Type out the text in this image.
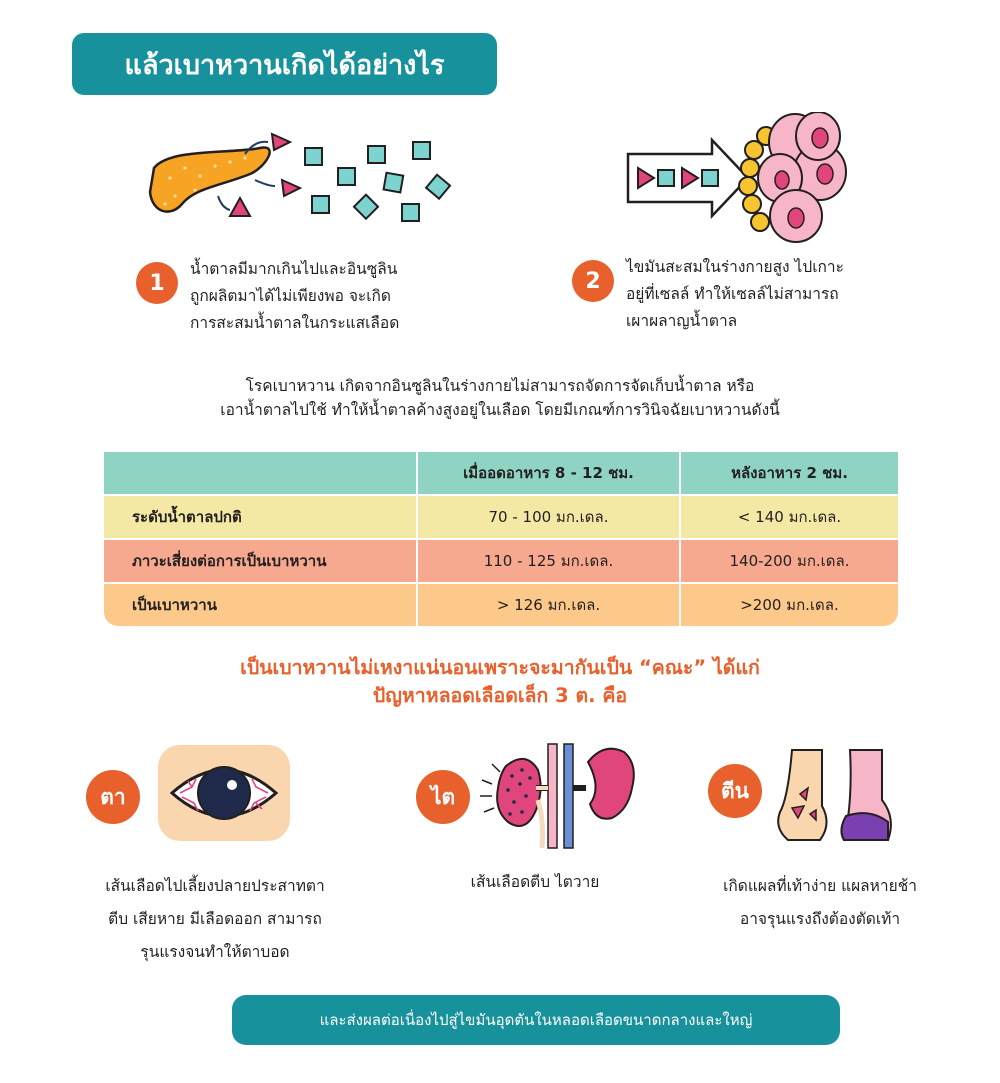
แล้วเบาหวานเกิดได้อย่างไร
1
น้ำตาลมีมากเกินไปและอินซูลิน
ถูกผลิตมาได้ไม่เพียงพอ จะเกิด
การสะสมน้ำตาลในกระแสเลือด
2
ไขมันสะสมในร่างกายสูง ไปเกาะ
อยู่ที่เซลล์ ทำให้เซลล์ไม่สามารถ
เผาผลาญน้ำตาล
โรคเบาหวาน เกิดจากอินซูลินในร่างกายไม่สามารถจัดการจัดเก็บน้ำตาล หรือ
เอาน้ำตาลไปใช้ ทำให้น้ำตาลค้างสูงอยู่ในเลือด โดยมีเกณฑ์การวินิจฉัยเบาหวานดังนี้
	เมื่ออดอาหาร 8 - 12 ชม.	หลังอาหาร 2 ชม.
ระดับน้ำตาลปกติ	70 - 100 มก.เดล.	< 140 มก.เดล.
ภาวะเสี่ยงต่อการเป็นเบาหวาน	110 - 125 มก.เดล.	140-200 มก.เดล.
เป็นเบาหวาน	> 126 มก.เดล.	>200 มก.เดล.
เป็นเบาหวานไม่เหงาแน่นอนเพราะจะมากันเป็น “คณะ” ได้แก่
ปัญหาหลอดเลือดเล็ก 3 ต. คือ
ตา
เส้นเลือดไปเลี้ยงปลายประสาทตา
ตีบ เสียหาย มีเลือดออก สามารถ
รุนแรงจนทำให้ตาบอด
ไต
เส้นเลือดตีบ ไตวาย
ตีน
เกิดแผลที่เท้าง่าย แผลหายช้า
อาจรุนแรงถึงต้องตัดเท้า
และส่งผลต่อเนื่องไปสู่ไขมันอุดตันในหลอดเลือดขนาดกลางและใหญ่
